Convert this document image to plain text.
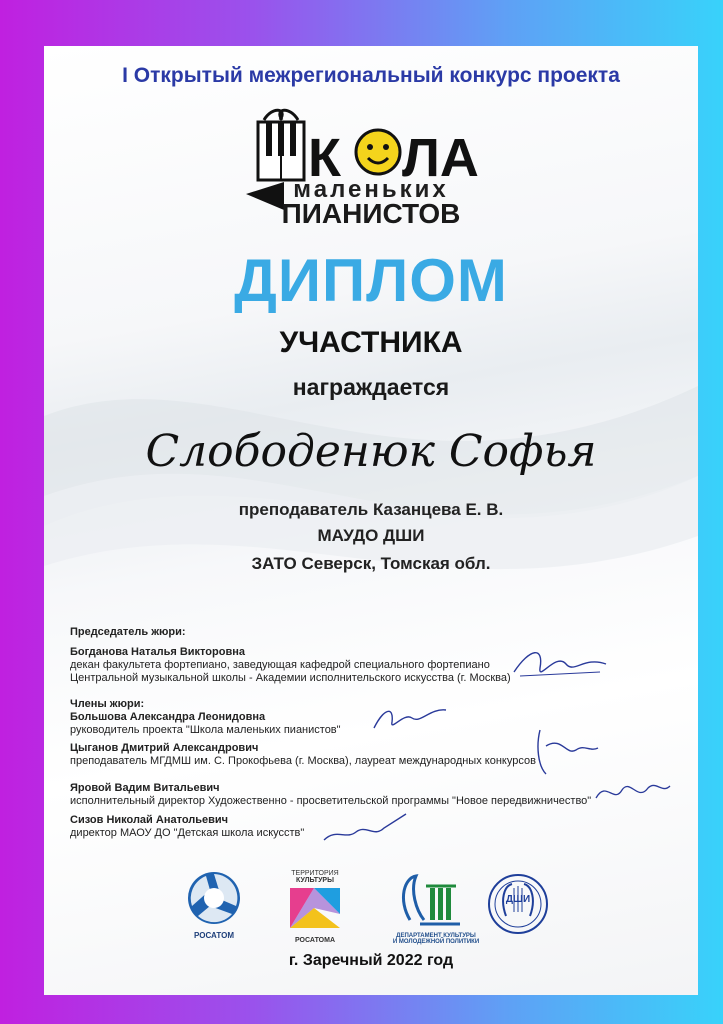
I Открытый межрегиональный конкурс проекта
К ЛА
маленьких
ПИАНИСТОВ
ДИПЛОМ
УЧАСТНИКА
награждается
Слободенюк Софья
преподаватель Казанцева Е. В.
МАУДО ДШИ
ЗАТО Северск, Томская обл.
Председатель жюри:
Богданова Наталья Викторовна
декан факультета фортепиано, заведующая кафедрой специального фортепиано
Центральной музыкальной школы - Академии исполнительского искусства (г. Москва)
Члены жюри:
Большова Александра Леонидовна
руководитель проекта "Школа маленьких пианистов"
Цыганов Дмитрий Александрович
преподаватель МГДМШ им. С. Прокофьева (г. Москва), лауреат международных конкурсов
Яровой Вадим Витальевич
исполнительный директор Художественно - просветительской программы "Новое передвижничество"
Сизов Николай Анатольевич
директор МАОУ ДО "Детская школа искусств"
РОСАТОМ
ТЕРРИТОРИЯ
КУЛЬТУРЫ
РОСАТОМА
ДЕПАРТАМЕНТ КУЛЬТУРЫ
И МОЛОДЕЖНОЙ ПОЛИТИКИ
ДШИ
г. Заречный 2022 год
